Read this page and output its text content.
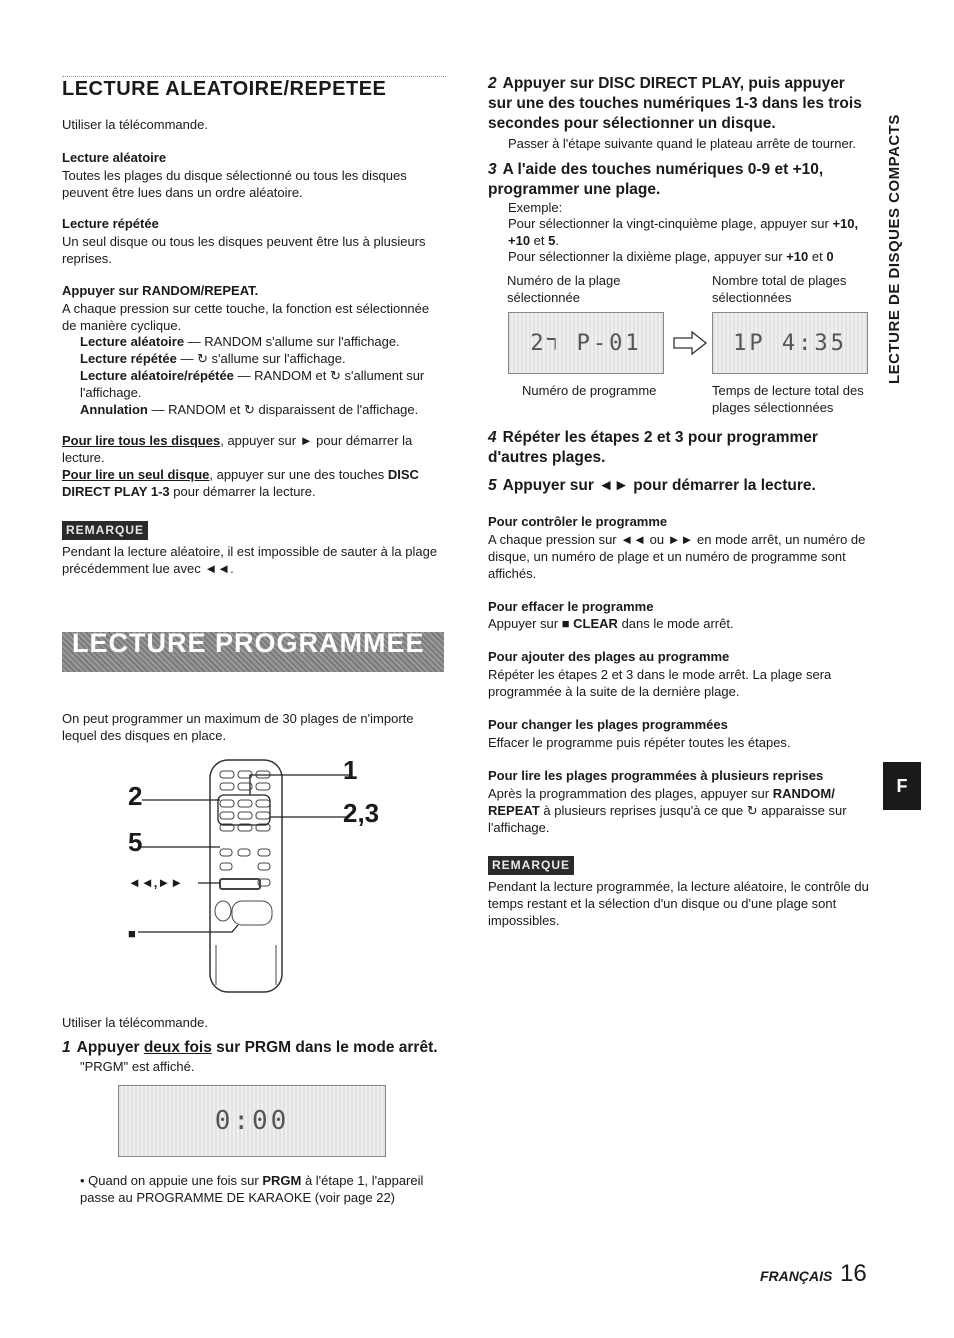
LECTURE ALEATOIRE/REPETEE

Utiliser la télécommande.

Lecture aléatoire

Toutes les plages du disque sélectionné ou tous les disques peuvent être lues dans un ordre aléatoire.

Lecture répétée

Un seul disque ou tous les disques peuvent être lus à plusieurs reprises.

Appuyer sur RANDOM/REPEAT.

A chaque pression sur cette touche, la fonction est sélectionnée de manière cyclique.

Lecture aléatoire — RANDOM s'allume sur l'affichage.

Lecture répétée — ↻ s'allume sur l'affichage.

Lecture aléatoire/répétée — RANDOM et ↻ s'allument sur l'affichage.

Annulation — RANDOM et ↻ disparaissent de l'affichage.

Pour lire tous les disques, appuyer sur ► pour démarrer la lecture.

Pour lire un seul disque, appuyer sur une des touches DISC DIRECT PLAY 1-3 pour démarrer la lecture.

REMARQUE

Pendant la lecture aléatoire, il est impossible de sauter à la plage précédemment lue avec ◄◄.

LECTURE PROGRAMMEE

On peut programmer un maximum de 30 plages de n'importe lequel des disques en place.

1
2
2,3
5
◄◄,►►
■

Utiliser la télécommande.

1 Appuyer deux fois sur PRGM dans le mode arrêt.

"PRGM" est affiché.

0:00

• Quand on appuie une fois sur PRGM à l'étape 1, l'appareil passe au PROGRAMME DE KARAOKE (voir page 22)

2 Appuyer sur DISC DIRECT PLAY, puis appuyer sur une des touches numériques 1-3 dans les trois secondes pour sélectionner un disque.

Passer à l'étape suivante quand le plateau arrête de tourner.

3 A l'aide des touches numériques 0-9 et +10, programmer une plage.

Exemple:

Pour sélectionner la vingt-cinquième plage, appuyer sur +10, +10 et 5.

Pour sélectionner la dixième plage, appuyer sur +10 et 0

Numéro de la plage sélectionnée

Nombre total de plages sélectionnées

2ר P-01	1P 4:35

Numéro de programme	Temps de lecture total des plages sélectionnées

4 Répéter les étapes 2 et 3 pour programmer d'autres plages.

5 Appuyer sur ◄► pour démarrer la lecture.

Pour contrôler le programme

A chaque pression sur ◄◄ ou ►► en mode arrêt, un numéro de disque, un numéro de plage et un numéro de programme sont affichés.

Pour effacer le programme

Appuyer sur ■ CLEAR dans le mode arrêt.

Pour ajouter des plages au programme

Répéter les étapes 2 et 3 dans le mode arrêt. La plage sera programmée à la suite de la dernière plage.

Pour changer les plages programmées

Effacer le programme puis répéter toutes les étapes.

Pour lire les plages programmées à plusieurs reprises

Après la programmation des plages, appuyer sur RANDOM/ REPEAT à plusieurs reprises jusqu'à ce que ↻ apparaisse sur l'affichage.

REMARQUE

Pendant la lecture programmée, la lecture aléatoire, le contrôle du temps restant et la sélection d'un disque ou d'une plage sont impossibles.

LECTURE DE DISQUES COMPACTS
F
FRANÇAIS 16
